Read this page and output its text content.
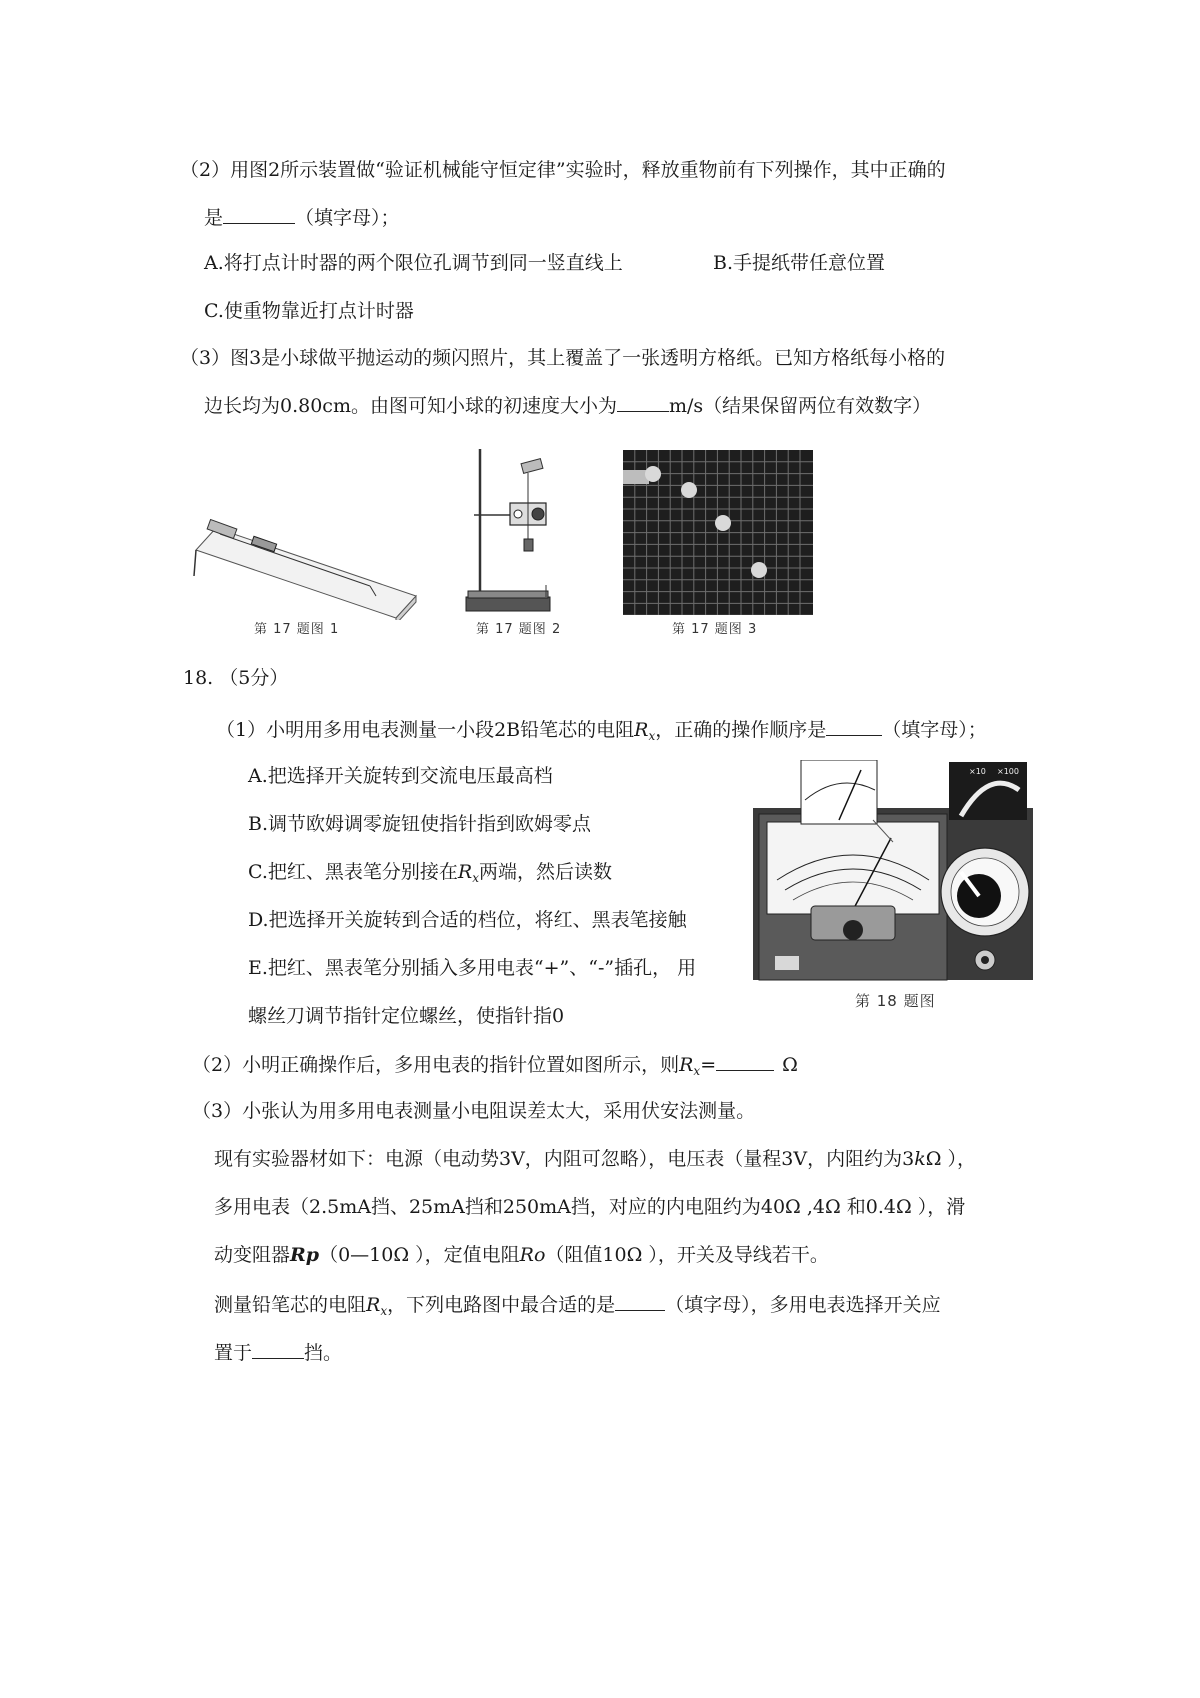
（2）用图2所示装置做“验证机械能守恒定律”实验时，释放重物前有下列操作，其中正确的
是	（填字母）；
A.将打点计时器的两个限位孔调节到同一竖直线上	B.手提纸带任意位置
C.使重物靠近打点计时器
（3）图3是小球做平抛运动的频闪照片，其上覆盖了一张透明方格纸。已知方格纸每小格的
边长均为0.80cm。由图可知小球的初速度大小为	m/s（结果保留两位有效数字）
第 17 题图 1	第 17 题图 2	第 17 题图 3
18. （5分）
（1）小明用多用电表测量一小段2B铅笔芯的电阻$R_x$，正确的操作顺序是	（填字母）；
A.把选择开关旋转到交流电压最高档
B.调节欧姆调零旋钮使指针指到欧姆零点
C.把红、黑表笔分别接在$R_x$两端，然后读数
D.把选择开关旋转到合适的档位，将红、黑表笔接触
E.把红、黑表笔分别插入多用电表“+”、“-”插孔， 用
螺丝刀调节指针定位螺丝，使指针指0
×10 ×100
第 18 题图
（2）小明正确操作后，多用电表的指针位置如图所示，则$R_x=$	Ω
（3）小张认为用多用电表测量小电阻误差太大，采用伏安法测量。
现有实验器材如下：电源（电动势3V，内阻可忽略），电压表（量程3V，内阻约为3kΩ ），
多用电表（2.5mA挡、25mA挡和250mA挡，对应的内电阻约为40Ω ,4Ω 和0.4Ω ），滑
动变阻器Rp（0—10Ω ），定值电阻Ro（阻值10Ω ），开关及导线若干。
测量铅笔芯的电阻$R_x$，下列电路图中最合适的是	（填字母），多用电表选择开关应
置于	挡。
